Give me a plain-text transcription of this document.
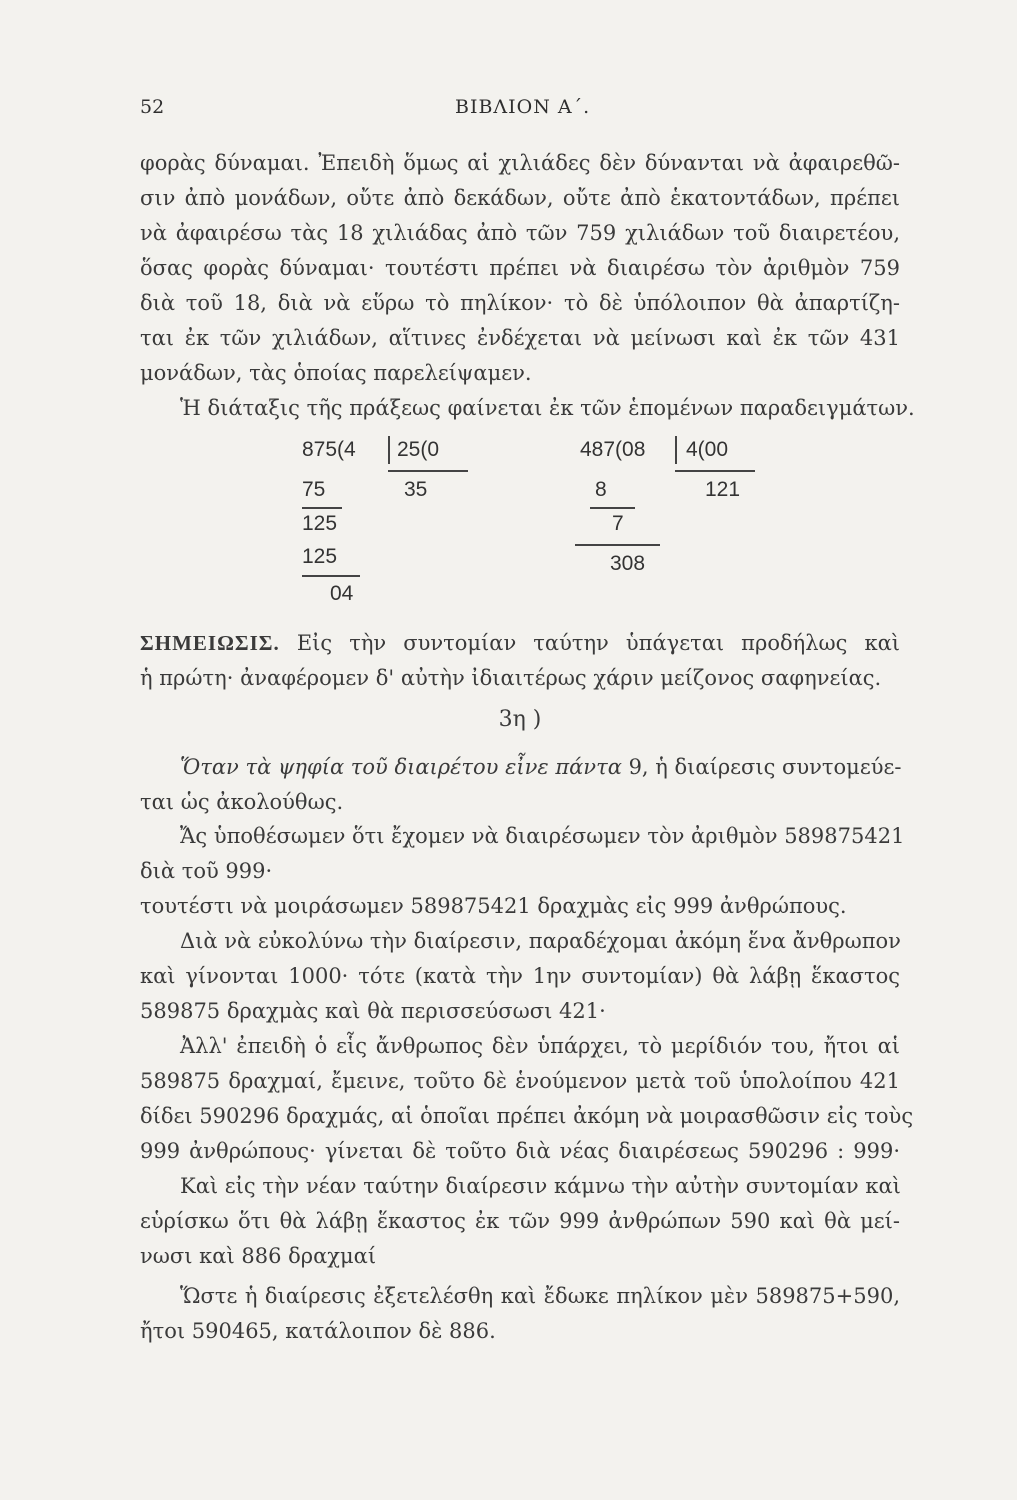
52	ΒΙΒΛΙΟΝ Α΄.
φορὰς δύναμαι. Ἐπειδὴ ὅμως αἱ χιλιάδες δὲν δύνανται νὰ ἀφαιρεθῶ-
σιν ἀπὸ μονάδων, οὔτε ἀπὸ δεκάδων, οὔτε ἀπὸ ἑκατοντάδων, πρέπει
νὰ ἀφαιρέσω τὰς 18 χιλιάδας ἀπὸ τῶν 759 χιλιάδων τοῦ διαιρετέου,
ὅσας φορὰς δύναμαι· τουτέστι πρέπει νὰ διαιρέσω τὸν ἀριθμὸν 759
διὰ τοῦ 18, διὰ νὰ εὕρω τὸ πηλίκον· τὸ δὲ ὑπόλοιπον θὰ ἀπαρτίζη-
ται ἐκ τῶν χιλιάδων, αἵτινες ἐνδέχεται νὰ μείνωσι καὶ ἐκ τῶν 431
μονάδων, τὰς ὁποίας παρελείψαμεν.
Ἡ διάταξις τῆς πράξεως φαίνεται ἐκ τῶν ἑπομένων παραδειγμάτων.
875(4 25(0
35
75
125
125
04
487(08 4(00
121
8
7
308
ΣΗΜΕΙΩΣΙΣ. Εἰς τὴν συντομίαν ταύτην ὑπάγεται προδήλως καὶ
ἡ πρώτη· ἀναφέρομεν δ' αὐτὴν ἰδιαιτέρως χάριν μείζονος σαφηνείας.
3η )
Ὅταν τὰ ψηφία τοῦ διαιρέτου εἶνε πάντα 9, ἡ διαίρεσις συντομεύε-
ται ὡς ἀκολούθως.
Ἄς ὑποθέσωμεν ὅτι ἔχομεν νὰ διαιρέσωμεν τὸν ἀριθμὸν 589875421
διὰ τοῦ 999·
τουτέστι νὰ μοιράσωμεν 589875421 δραχμὰς εἰς 999 ἀνθρώπους.
Διὰ νὰ εὐκολύνω τὴν διαίρεσιν, παραδέχομαι ἀκόμη ἕνα ἄνθρωπον
καὶ γίνονται 1000· τότε (κατὰ τὴν 1ην συντομίαν) θὰ λάβῃ ἕκαστος
589875 δραχμὰς καὶ θὰ περισσεύσωσι 421·
Ἀλλ' ἐπειδὴ ὁ εἷς ἄνθρωπος δὲν ὑπάρχει, τὸ μερίδιόν του, ἤτοι αἱ
589875 δραχμαί, ἔμεινε, τοῦτο δὲ ἑνούμενον μετὰ τοῦ ὑπολοίπου 421
δίδει 590296 δραχμάς, αἱ ὁποῖαι πρέπει ἀκόμη νὰ μοιρασθῶσιν εἰς τοὺς
999 ἀνθρώπους· γίνεται δὲ τοῦτο διὰ νέας διαιρέσεως 590296 : 999·
Καὶ εἰς τὴν νέαν ταύτην διαίρεσιν κάμνω τὴν αὐτὴν συντομίαν καὶ
εὑρίσκω ὅτι θὰ λάβῃ ἕκαστος ἐκ τῶν 999 ἀνθρώπων 590 καὶ θὰ μεί-
νωσι καὶ 886 δραχμαί
Ὥστε ἡ διαίρεσις ἐξετελέσθη καὶ ἔδωκε πηλίκον μὲν 589875+590,
ἤτοι 590465, κατάλοιπον δὲ 886.
